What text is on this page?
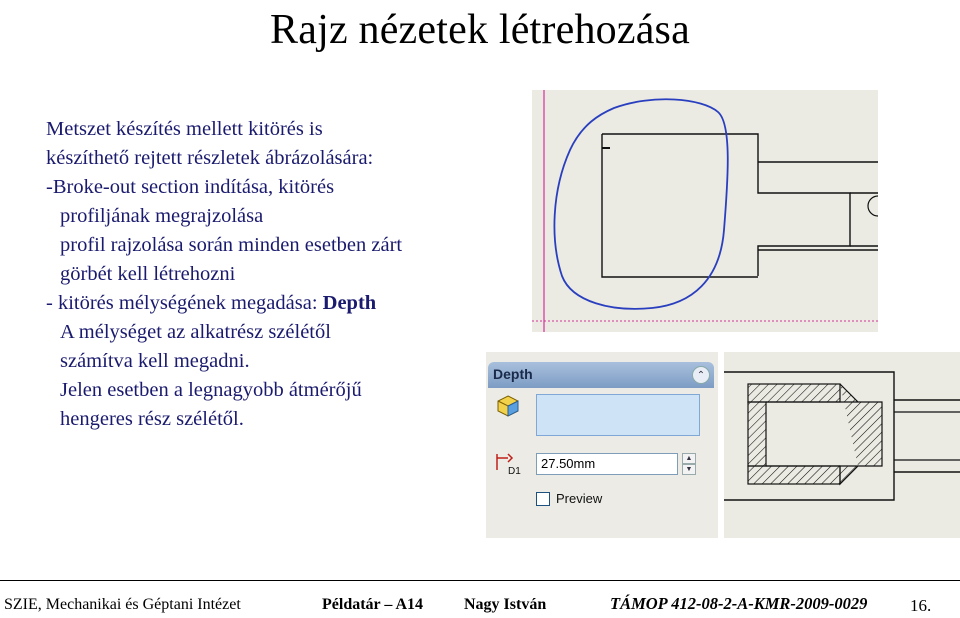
Rajz nézetek létrehozása
Metszet készítés mellett kitörés is
készíthető rejtett részletek ábrázolására:
-Broke-out section indítása, kitörés
profiljának megrajzolása
profil rajzolása során minden esetben zárt
görbét kell létrehozni
- kitörés mélységének megadása: Depth
A mélységet az alkatrész szélétől
számítva kell megadni.
Jelen esetben a legnagyobb átmérőjű
hengeres rész szélétől.
Depth	⌃
D1
27.50mm	▲
▼
Preview
SZIE, Mechanikai és Géptani Intézet	Példatár – A14	Nagy István	TÁMOP 412-08-2-A-KMR-2009-0029	16.
